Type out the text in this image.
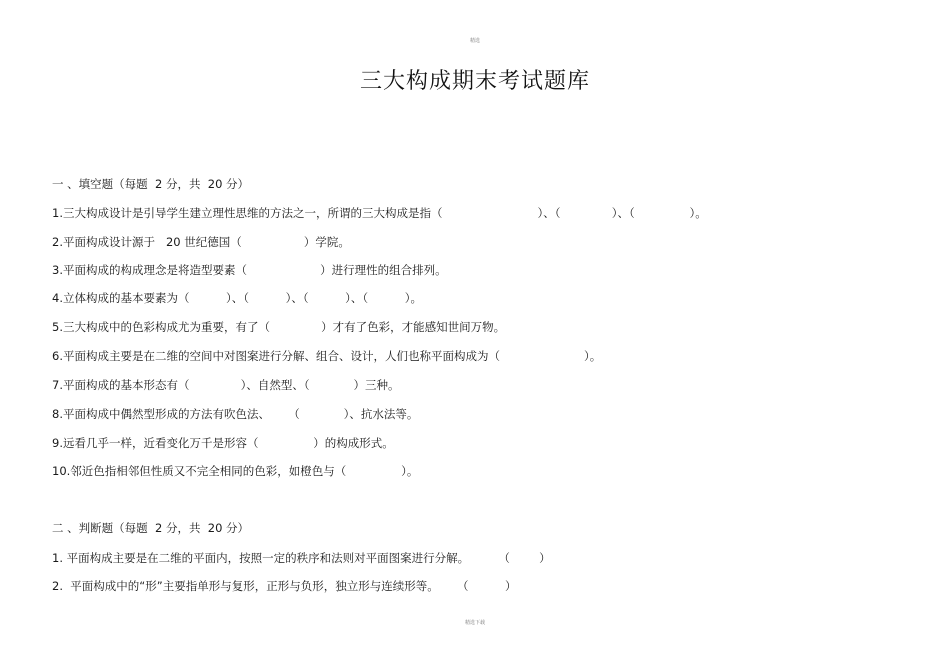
精选
三大构成期末考试题库
一 、填空题（每题  2 分，共  20 分）
1.三大构成设计是引导学生建立理性思维的方法之一，所谓的三大构成是指（                          ）、（              ）、（               ）。
2.平面构成设计源于   20 世纪德国（                 ）学院。
3.平面构成的构成理念是将造型要素（                    ）进行理性的组合排列。
4.立体构成的基本要素为（          ）、（          ）、（          ）、（          ）。
5.三大构成中的色彩构成尤为重要，有了（              ）才有了色彩，才能感知世间万物。
6.平面构成主要是在二维的空间中对图案进行分解、组合、设计，人们也称平面构成为（                       ）。
7.平面构成的基本形态有（              ）、自然型、（            ）三种。
8.平面构成中偶然型形成的方法有吹色法、     （            ）、抗水法等。
9.远看几乎一样，近看变化万千是形容（               ）的构成形式。
10.邻近色指相邻但性质又不完全相同的色彩，如橙色与（               ）。
二 、判断题（每题  2 分，共  20 分）
1. 平面构成主要是在二维的平面内，按照一定的秩序和法则对平面图案进行分解。        （        ）
2.  平面构成中的“形”主要指单形与复形，正形与负形，独立形与连续形等。     （          ）
精选下载
